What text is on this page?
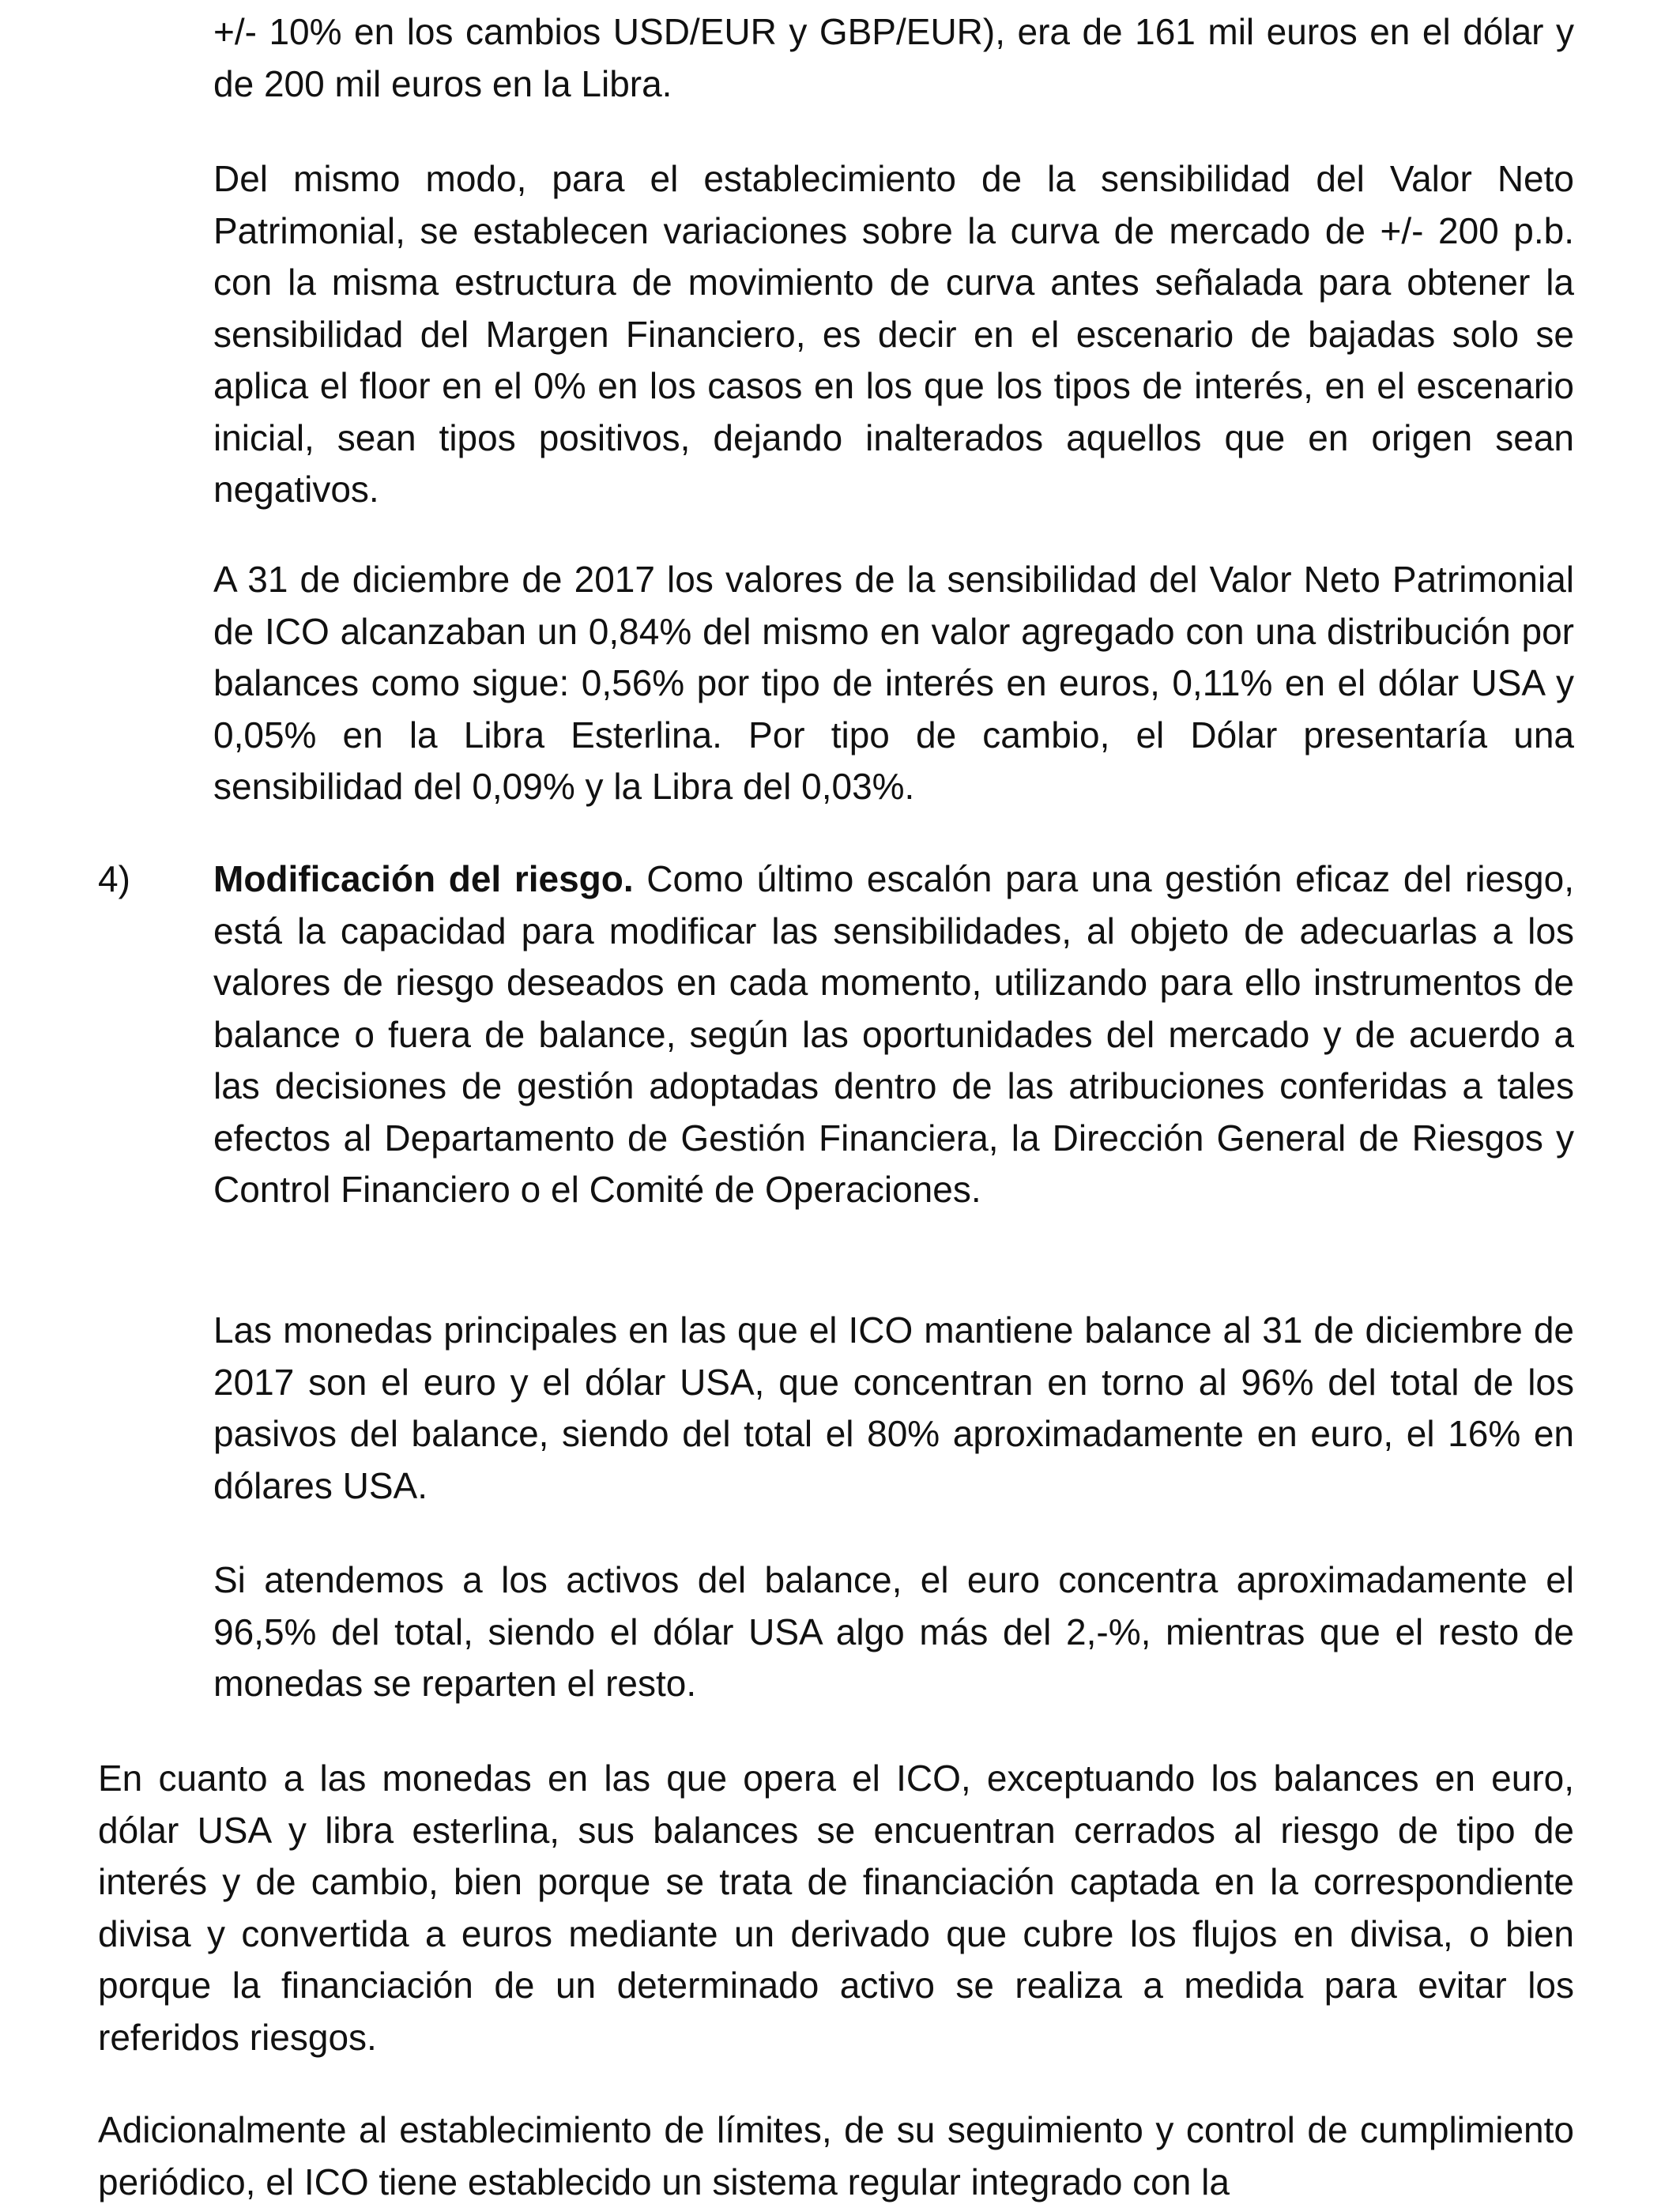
+/- 10% en los cambios USD/EUR y GBP/EUR), era de 161 mil euros en el dólar y de 200 mil euros en la Libra.

Del mismo modo, para el establecimiento de la sensibilidad del Valor Neto Patrimonial, se establecen variaciones sobre la curva de mercado de +/- 200 p.b. con la misma estructura de movimiento de curva antes señalada para obtener la sensibilidad del Margen Financiero, es decir en el escenario de bajadas solo se aplica el floor en el 0% en los casos en los que los tipos de interés, en el escenario inicial, sean tipos positivos, dejando inalterados aquellos que en origen sean negativos.

A 31 de diciembre de 2017 los valores de la sensibilidad del Valor Neto Patrimonial de ICO alcanzaban un 0,84% del mismo en valor agregado con una distribución por balances como sigue: 0,56% por tipo de interés en euros, 0,11% en el dólar USA y 0,05% en la Libra Esterlina. Por tipo de cambio, el Dólar presentaría una sensibilidad del 0,09% y la Libra del 0,03%.

4) Modificación del riesgo. Como último escalón para una gestión eficaz del riesgo, está la capacidad para modificar las sensibilidades, al objeto de adecuarlas a los valores de riesgo deseados en cada momento, utilizando para ello instrumentos de balance o fuera de balance, según las oportunidades del mercado y de acuerdo a las decisiones de gestión adoptadas dentro de las atribuciones conferidas a tales efectos al Departamento de Gestión Financiera, la Dirección General de Riesgos y Control Financiero o el Comité de Operaciones.

Las monedas principales en las que el ICO mantiene balance al 31 de diciembre de 2017 son el euro y el dólar USA, que concentran en torno al 96% del total de los pasivos del balance, siendo del total el 80% aproximadamente en euro, el 16% en dólares USA.

Si atendemos a los activos del balance, el euro concentra aproximadamente el 96,5% del total, siendo el dólar USA algo más del 2,-%, mientras que el resto de monedas se reparten el resto.

En cuanto a las monedas en las que opera el ICO, exceptuando los balances en euro, dólar USA y libra esterlina, sus balances se encuentran cerrados al riesgo de tipo de interés y de cambio, bien porque se trata de financiación captada en la correspondiente divisa y convertida a euros mediante un derivado que cubre los flujos en divisa, o bien porque la financiación de un determinado activo se realiza a medida para evitar los referidos riesgos.

Adicionalmente al establecimiento de límites, de su seguimiento y control de cumplimiento periódico, el ICO tiene establecido un sistema regular integrado con la
